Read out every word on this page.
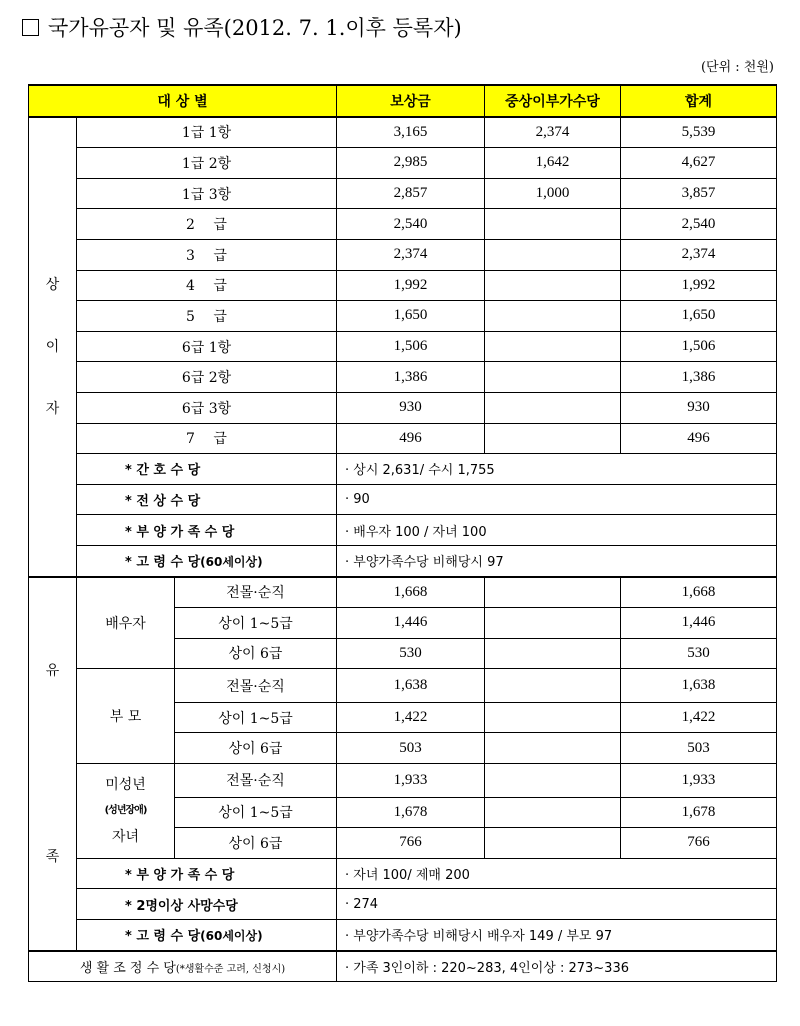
국가유공자 및 유족(2012. 7. 1.이후 등록자)
(단위 : 천원)
대 상 별			보상금	중상이부가수당	합계

상
이
자	1급 1항		3,165	2,374	5,539
	1급 2항		2,985	1,642	4,627
	1급 3항		2,857	1,000	3,857
	2　 급		2,540		2,540
	3　 급		2,374		2,374
	4　 급		1,992		1,992
	5　 급		1,650		1,650
	6급 1항		1,506		1,506
	6급 2항		1,386		1,386
	6급 3항		930		930
	7　 급		496		496
	* 간 호 수 당		· 상시 2,631/ 수시 1,755		
	* 전 상 수 당		· 90		
	* 부 양 가 족 수 당		· 배우자 100 / 자녀 100		
	* 고 령 수 당(60세이상)		· 부양가족수당 비해당시 97		

유
족	배우자	전몰·순직	1,668		1,668
		상이 1~5급	1,446		1,446
		상이 6급	530		530
	부 모	전몰·순직	1,638		1,638
		상이 1~5급	1,422		1,422
		상이 6급	503		503

	미성년
(성년장애)
자녀	전몰·순직	1,933		1,933
		상이 1~5급	1,678		1,678
		상이 6급	766		766
	* 부 양 가 족 수 당		· 자녀 100/ 제매 200		
	* 2명이상 사망수당		· 274		
	* 고 령 수 당(60세이상)		· 부양가족수당 비해당시 배우자 149 / 부모 97		
생 활 조 정 수 당(*생활수준 고려, 신청시)			· 가족 3인이하 : 220~283, 4인이상 : 273~336		
